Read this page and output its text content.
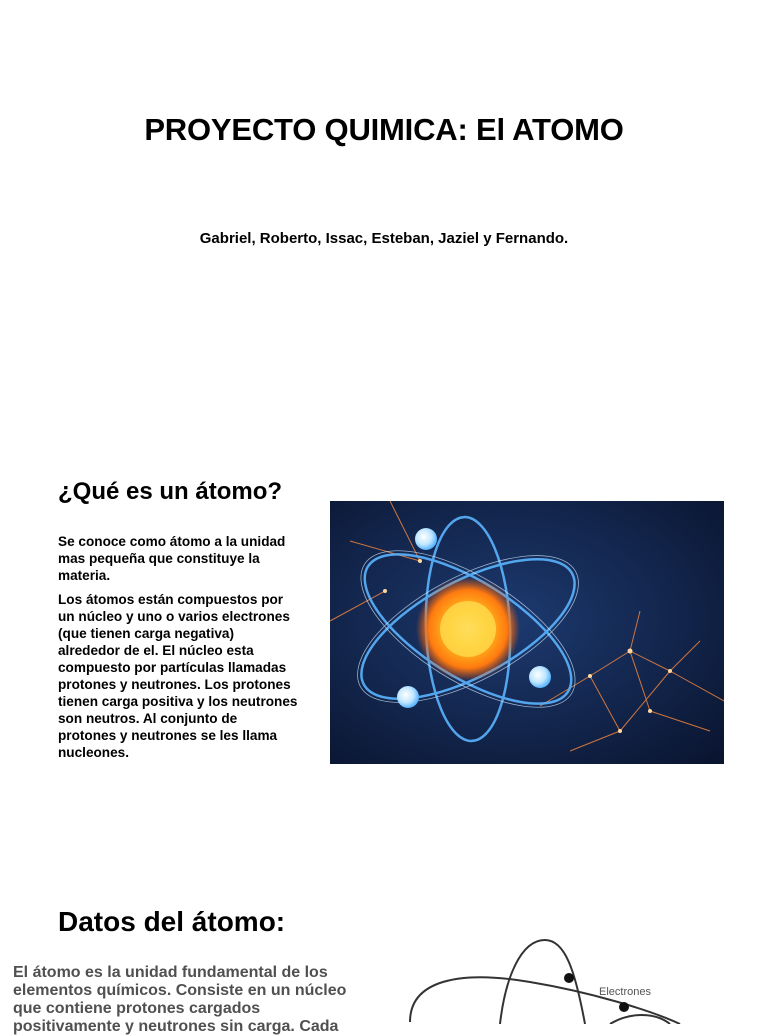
PROYECTO QUIMICA: El ATOMO
Gabriel, Roberto, Issac, Esteban, Jaziel y Fernando.
¿Qué es un átomo?

Se conoce como átomo a la unidad mas pequeña que constituye la materia.

Los átomos están compuestos por un núcleo y uno o varios electrones (que tienen carga negativa) alrededor de el. El núcleo esta compuesto por partículas llamadas protones y neutrones. Los protones tienen carga positiva y los neutrones son neutros. Al conjunto de protones y neutrones se les llama nucleones.

Datos del átomo:
El átomo es la unidad fundamental de los elementos químicos. Consiste en un núcleo que contiene protones cargados positivamente y neutrones sin carga. Cada
Electrones
